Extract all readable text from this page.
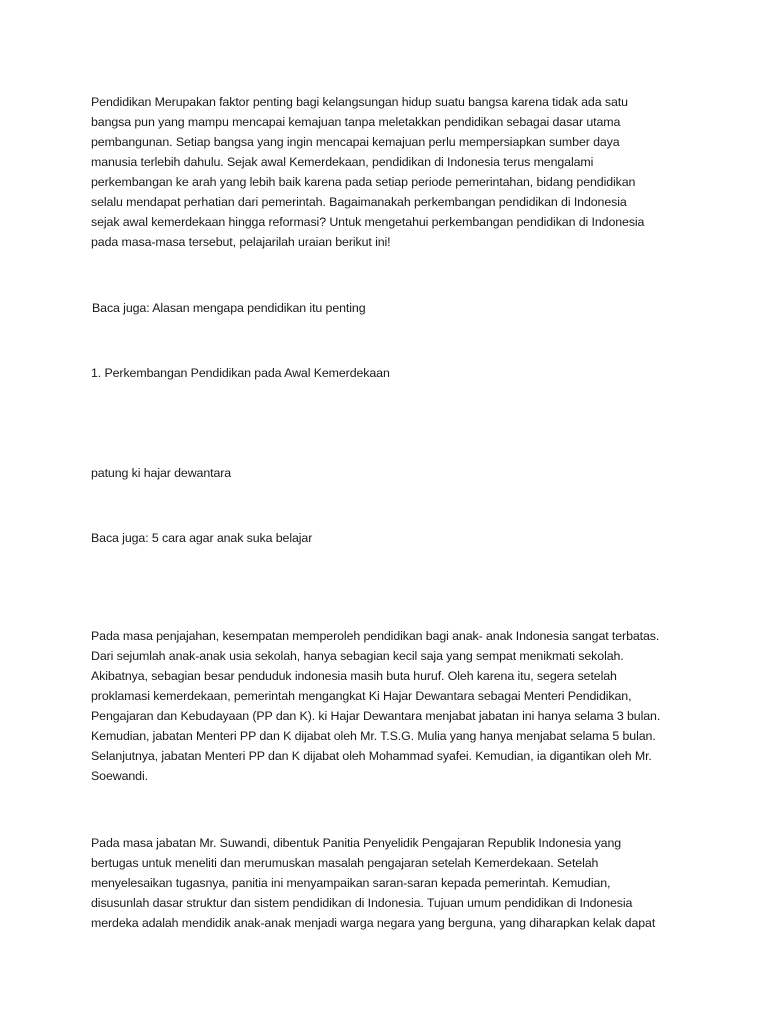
Pendidikan Merupakan faktor penting bagi kelangsungan hidup suatu bangsa karena tidak ada satu
bangsa pun yang mampu mencapai kemajuan tanpa meletakkan pendidikan sebagai dasar utama
pembangunan. Setiap bangsa yang ingin mencapai kemajuan perlu mempersiapkan sumber daya
manusia terlebih dahulu. Sejak awal Kemerdekaan, pendidikan di Indonesia terus mengalami
perkembangan ke arah yang lebih baik karena pada setiap periode pemerintahan, bidang pendidikan
selalu mendapat perhatian dari pemerintah. Bagaimanakah perkembangan pendidikan di Indonesia
sejak awal kemerdekaan hingga reformasi? Untuk mengetahui perkembangan pendidikan di Indonesia
pada masa-masa tersebut, pelajarilah uraian berikut ini!
Baca juga: Alasan mengapa pendidikan itu penting
1. Perkembangan Pendidikan pada Awal Kemerdekaan
patung ki hajar dewantara
Baca juga: 5 cara agar anak suka belajar
Pada masa penjajahan, kesempatan memperoleh pendidikan bagi anak- anak Indonesia sangat terbatas.
Dari sejumlah anak-anak usia sekolah, hanya sebagian kecil saja yang sempat menikmati sekolah.
Akibatnya, sebagian besar penduduk indonesia masih buta huruf. Oleh karena itu, segera setelah
proklamasi kemerdekaan, pemerintah mengangkat Ki Hajar Dewantara sebagai Menteri Pendidikan,
Pengajaran dan Kebudayaan (PP dan K). ki Hajar Dewantara menjabat jabatan ini hanya selama 3 bulan.
Kemudian, jabatan Menteri PP dan K dijabat oleh Mr. T.S.G. Mulia yang hanya menjabat selama 5 bulan.
Selanjutnya, jabatan Menteri PP dan K dijabat oleh Mohammad syafei. Kemudian, ia digantikan oleh Mr.
Soewandi.
Pada masa jabatan Mr. Suwandi, dibentuk Panitia Penyelidik Pengajaran Republik Indonesia yang
bertugas untuk meneliti dan merumuskan masalah pengajaran setelah Kemerdekaan. Setelah
menyelesaikan tugasnya, panitia ini menyampaikan saran-saran kepada pemerintah. Kemudian,
disusunlah dasar struktur dan sistem pendidikan di Indonesia. Tujuan umum pendidikan di Indonesia
merdeka adalah mendidik anak-anak menjadi warga negara yang berguna, yang diharapkan kelak dapat
